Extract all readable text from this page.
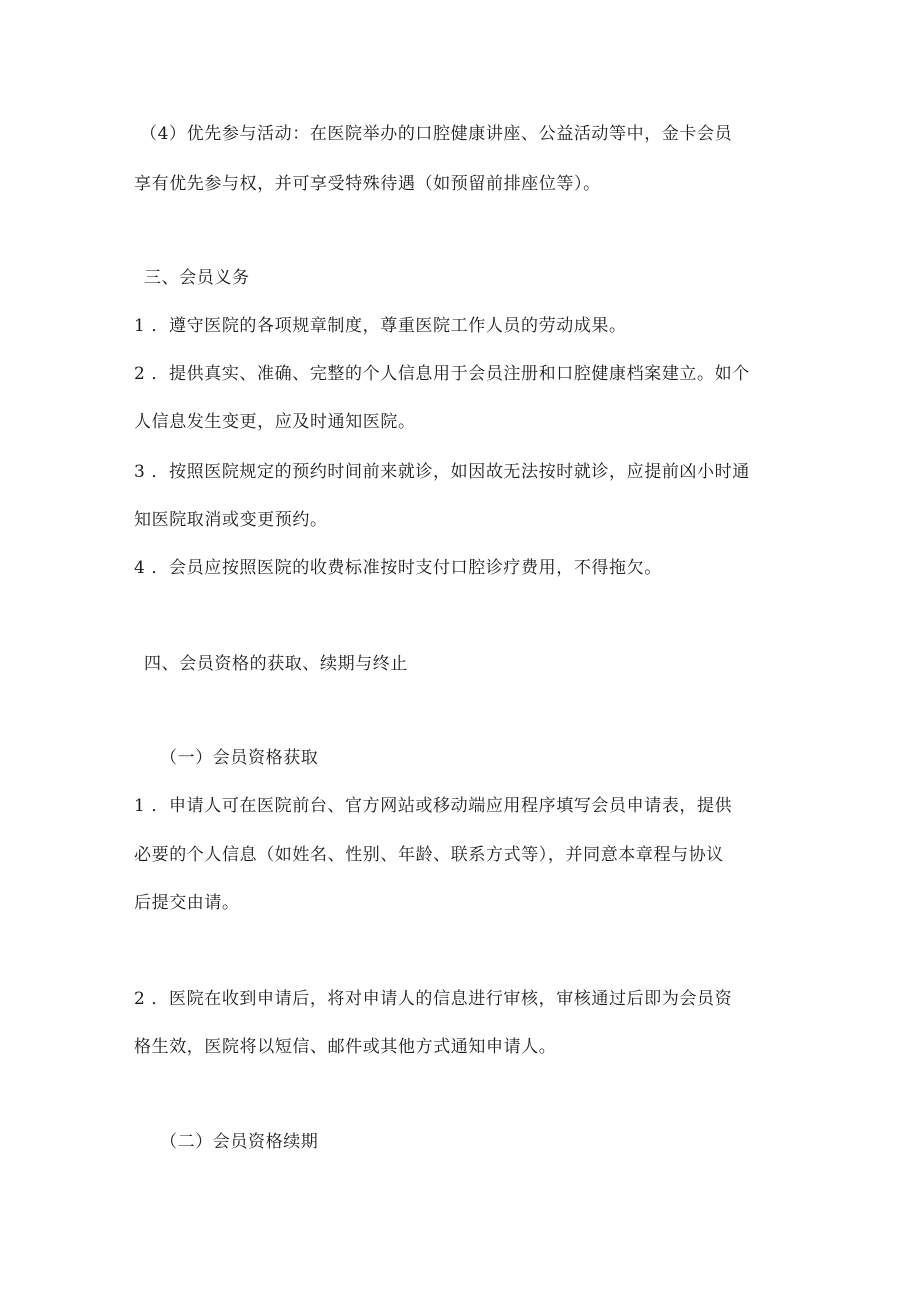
（4）优先参与活动：在医院举办的口腔健康讲座、公益活动等中，金卡会员
享有优先参与权，并可享受特殊待遇（如预留前排座位等）。
三、会员义务
1 ．遵守医院的各项规章制度，尊重医院工作人员的劳动成果。
2 ．提供真实、准确、完整的个人信息用于会员注册和口腔健康档案建立。如个
人信息发生变更，应及时通知医院。
3 ．按照医院规定的预约时间前来就诊，如因故无法按时就诊，应提前凶小时通
知医院取消或变更预约。
4 ．会员应按照医院的收费标准按时支付口腔诊疗费用，不得拖欠。
四、会员资格的获取、续期与终止
（一）会员资格获取
1 ．申请人可在医院前台、官方网站或移动端应用程序填写会员申请表，提供
必要的个人信息（如姓名、性别、年龄、联系方式等），并同意本章程与协议
后提交由请。
2 ．医院在收到申请后，将对申请人的信息进行审核，审核通过后即为会员资
格生效，医院将以短信、邮件或其他方式通知申请人。
（二）会员资格续期
